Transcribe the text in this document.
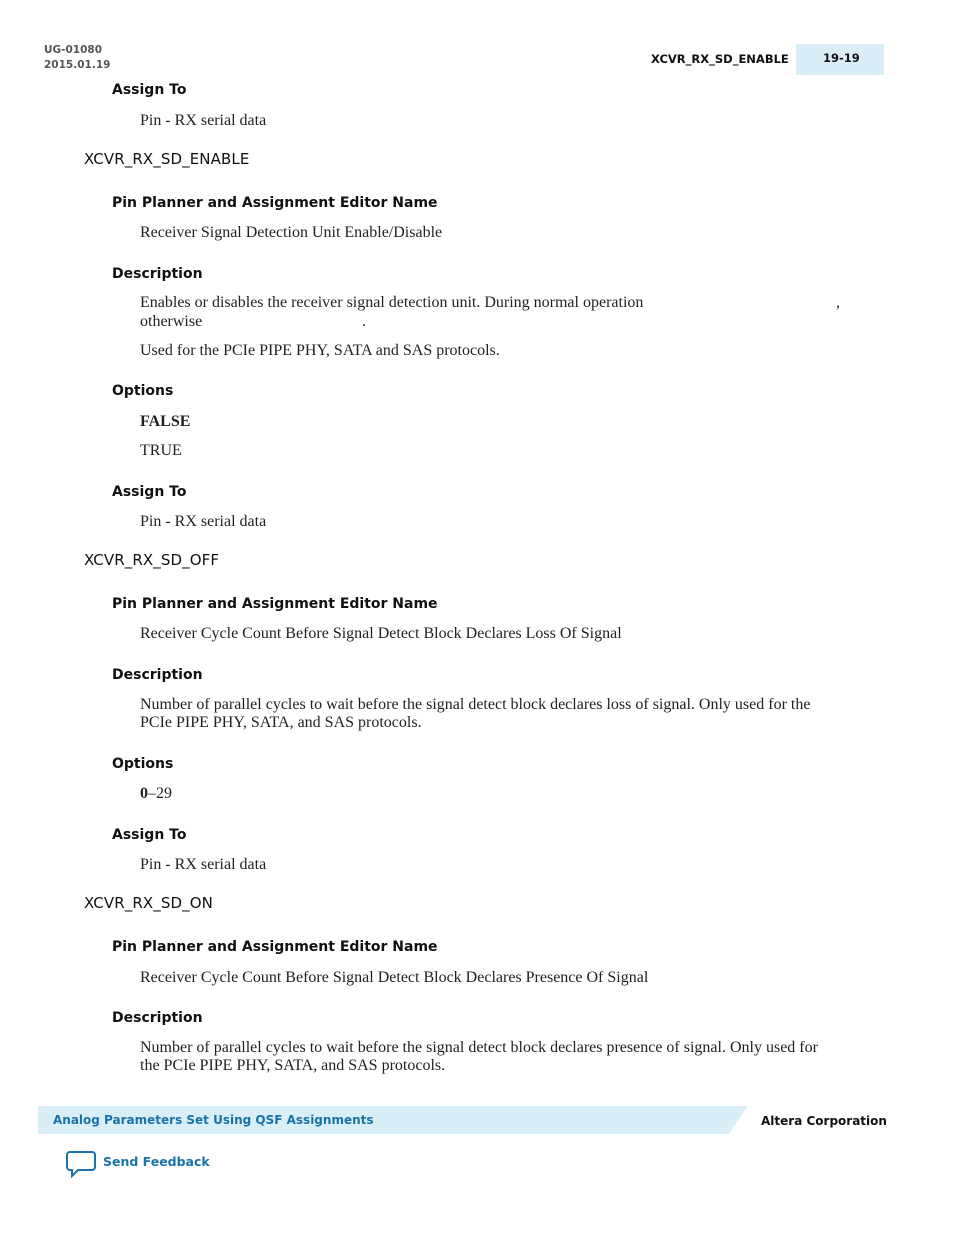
UG-01080
2015.01.19	XCVR_RX_SD_ENABLE	19-19
Assign To
Pin - RX serial data
XCVR_RX_SD_ENABLE
Pin Planner and Assignment Editor Name
Receiver Signal Detection Unit Enable/Disable
Description
Enables or disables the receiver signal detection unit. During normal operation	,
otherwise	.
Used for the PCIe PIPE PHY, SATA and SAS protocols.
Options
FALSE
TRUE
Assign To
Pin - RX serial data
XCVR_RX_SD_OFF
Pin Planner and Assignment Editor Name
Receiver Cycle Count Before Signal Detect Block Declares Loss Of Signal
Description
Number of parallel cycles to wait before the signal detect block declares loss of signal. Only used for the
PCIe PIPE PHY, SATA, and SAS protocols.
Options
0–29
Assign To
Pin - RX serial data
XCVR_RX_SD_ON
Pin Planner and Assignment Editor Name
Receiver Cycle Count Before Signal Detect Block Declares Presence Of Signal
Description
Number of parallel cycles to wait before the signal detect block declares presence of signal. Only used for
the PCIe PIPE PHY, SATA, and SAS protocols.
Analog Parameters Set Using QSF Assignments	Altera Corporation
Send Feedback
